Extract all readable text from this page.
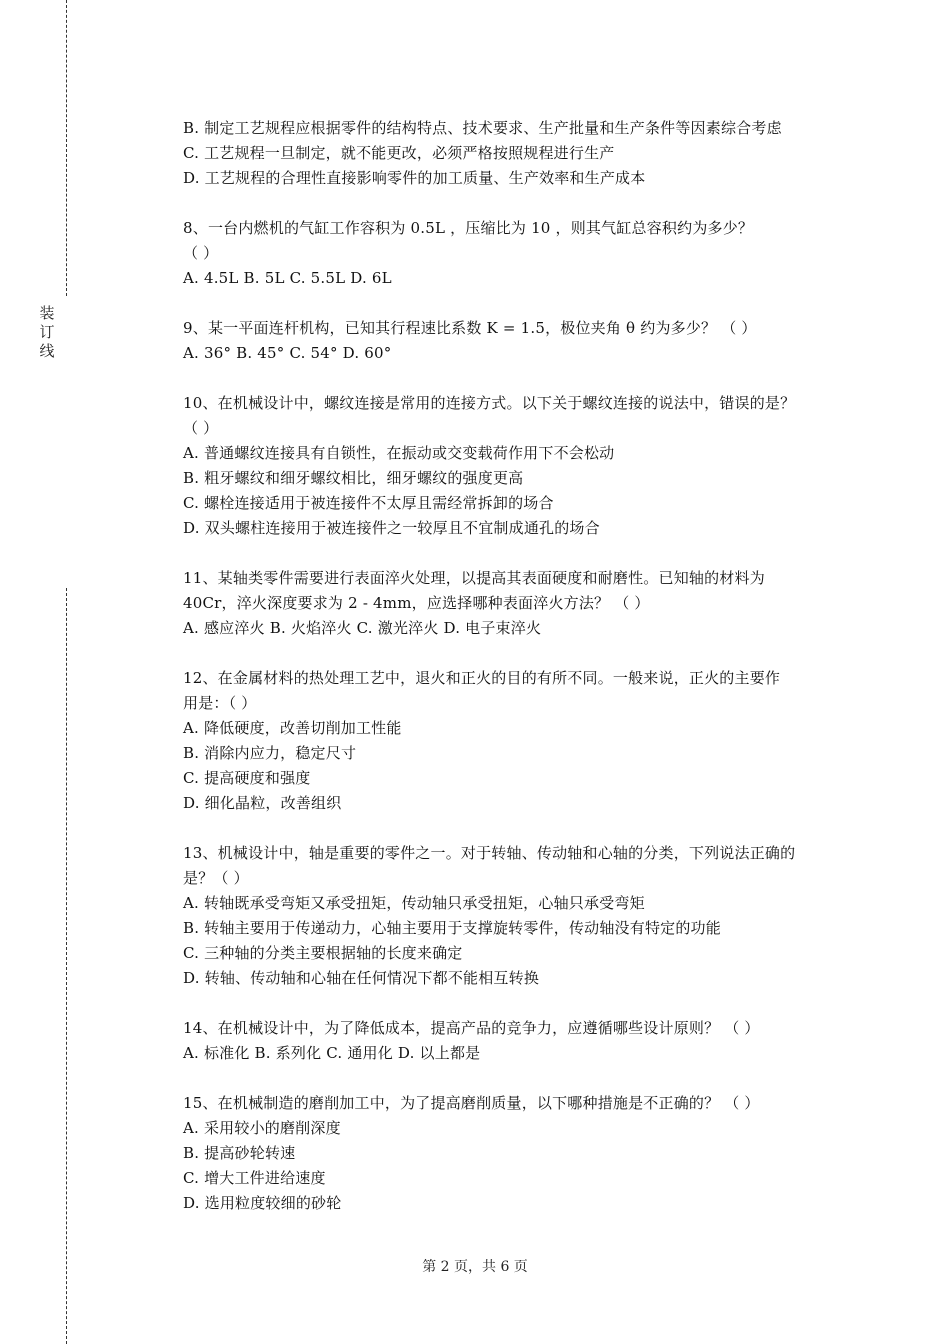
装
订
线
B. 制定工艺规程应根据零件的结构特点、技术要求、生产批量和生产条件等因素综合考虑
C. 工艺规程一旦制定，就不能更改，必须严格按照规程进行生产
D. 工艺规程的合理性直接影响零件的加工质量、生产效率和生产成本
8、一台内燃机的气缸工作容积为 0.5L ，压缩比为 10 ，则其气缸总容积约为多少？
（ ）
A. 4.5L B. 5L C. 5.5L D. 6L
9、某一平面连杆机构，已知其行程速比系数 K = 1.5，极位夹角 θ 约为多少？ （ ）
A. 36° B. 45° C. 54° D. 60°
10、在机械设计中，螺纹连接是常用的连接方式。以下关于螺纹连接的说法中，错误的是？
（ ）
A. 普通螺纹连接具有自锁性，在振动或交变载荷作用下不会松动
B. 粗牙螺纹和细牙螺纹相比，细牙螺纹的强度更高
C. 螺栓连接适用于被连接件不太厚且需经常拆卸的场合
D. 双头螺柱连接用于被连接件之一较厚且不宜制成通孔的场合
11、某轴类零件需要进行表面淬火处理，以提高其表面硬度和耐磨性。已知轴的材料为
40Cr，淬火深度要求为 2 - 4mm，应选择哪种表面淬火方法？ （ ）
A. 感应淬火 B. 火焰淬火 C. 激光淬火 D. 电子束淬火
12、在金属材料的热处理工艺中，退火和正火的目的有所不同。一般来说，正火的主要作
用是：（ ）
A. 降低硬度，改善切削加工性能
B. 消除内应力，稳定尺寸
C. 提高硬度和强度
D. 细化晶粒，改善组织
13、机械设计中，轴是重要的零件之一。对于转轴、传动轴和心轴的分类，下列说法正确的
是？（ ）
A. 转轴既承受弯矩又承受扭矩，传动轴只承受扭矩，心轴只承受弯矩
B. 转轴主要用于传递动力，心轴主要用于支撑旋转零件，传动轴没有特定的功能
C. 三种轴的分类主要根据轴的长度来确定
D. 转轴、传动轴和心轴在任何情况下都不能相互转换
14、在机械设计中，为了降低成本，提高产品的竞争力，应遵循哪些设计原则？ （ ）
A. 标准化 B. 系列化 C. 通用化 D. 以上都是
15、在机械制造的磨削加工中，为了提高磨削质量，以下哪种措施是不正确的？ （ ）
A. 采用较小的磨削深度
B. 提高砂轮转速
C. 增大工件进给速度
D. 选用粒度较细的砂轮
第 2 页，共 6 页
